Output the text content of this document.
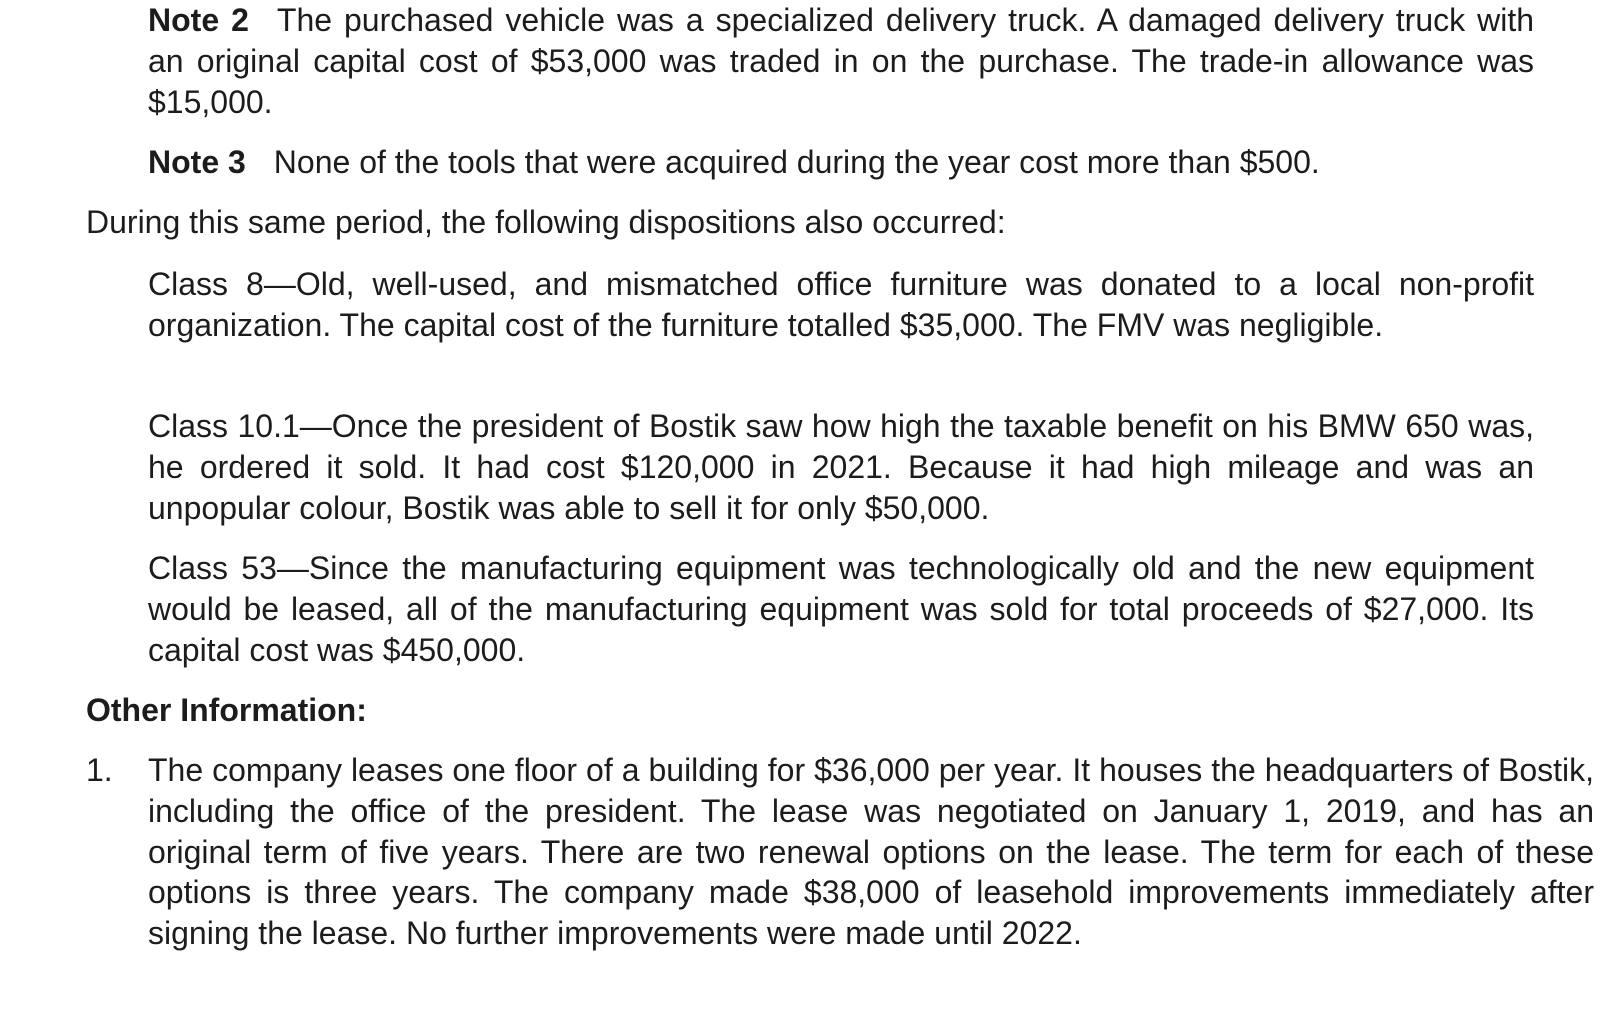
Note 2 The purchased vehicle was a specialized delivery truck. A damaged delivery truck with an original capital cost of $53,000 was traded in on the purchase. The trade-in allowance was $15,000.

Note 3 None of the tools that were acquired during the year cost more than $500.

During this same period, the following dispositions also occurred:

Class 8—Old, well-used, and mismatched office furniture was donated to a local non-profit organization. The capital cost of the furniture totalled $35,000. The FMV was negligible.

Class 10.1—Once the president of Bostik saw how high the taxable benefit on his BMW 650 was, he ordered it sold. It had cost $120,000 in 2021. Because it had high mileage and was an unpopular colour, Bostik was able to sell it for only $50,000.

Class 53—Since the manufacturing equipment was technologically old and the new equipment would be leased, all of the manufacturing equipment was sold for total proceeds of $27,000. Its capital cost was $450,000.

Other Information:

1. The company leases one floor of a building for $36,000 per year. It houses the headquarters of Bostik, including the office of the president. The lease was negotiated on January 1, 2019, and has an original term of five years. There are two renewal options on the lease. The term for each of these options is three years. The company made $38,000 of leasehold improvements immediately after signing the lease. No further improvements were made until 2022.
